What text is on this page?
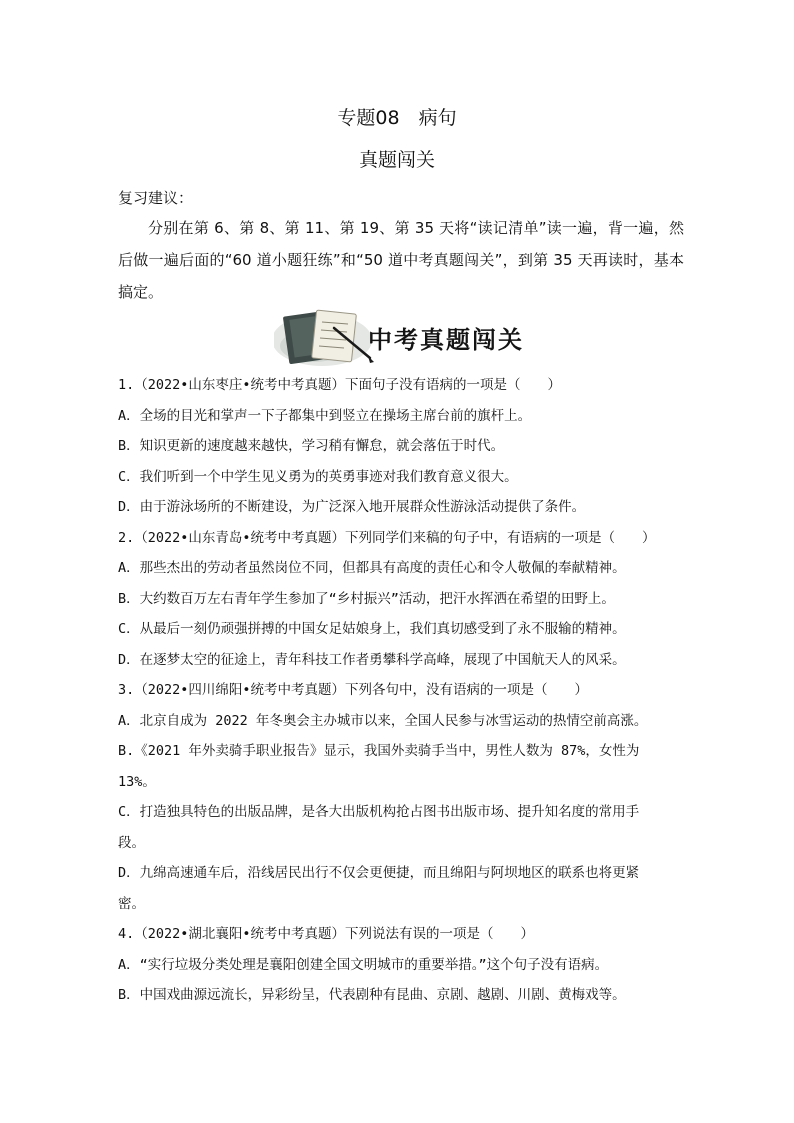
专题08　病句
真题闯关
复习建议：
分别在第 6、第 8、第 11、第 19、第 35 天将“读记清单”读一遍，背一遍，然后做一遍后面的“60 道小题狂练”和“50 道中考真题闯关”，到第 35 天再读时，基本搞定。
中考真题闯关

1.（2022•山东枣庄•统考中考真题）下面句子没有语病的一项是（　　）

A．全场的目光和掌声一下子都集中到竖立在操场主席台前的旗杆上。

B．知识更新的速度越来越快，学习稍有懈怠，就会落伍于时代。

C．我们听到一个中学生见义勇为的英勇事迹对我们教育意义很大。

D．由于游泳场所的不断建设，为广泛深入地开展群众性游泳活动提供了条件。

2.（2022•山东青岛•统考中考真题）下列同学们来稿的句子中，有语病的一项是（　　）

A．那些杰出的劳动者虽然岗位不同，但都具有高度的责任心和令人敬佩的奉献精神。

B．大约数百万左右青年学生参加了“乡村振兴”活动，把汗水挥洒在希望的田野上。

C．从最后一刻仍顽强拼搏的中国女足姑娘身上，我们真切感受到了永不服输的精神。

D．在逐梦太空的征途上，青年科技工作者勇攀科学高峰，展现了中国航天人的风采。

3.（2022•四川绵阳•统考中考真题）下列各句中，没有语病的一项是（　　）

A．北京自成为 2022 年冬奥会主办城市以来，全国人民参与冰雪运动的热情空前高涨。

B.《2021 年外卖骑手职业报告》显示，我国外卖骑手当中，男性人数为 87%，女性为 13%。

C．打造独具特色的出版品牌，是各大出版机构抢占图书出版市场、提升知名度的常用手段。

D．九绵高速通车后，沿线居民出行不仅会更便捷，而且绵阳与阿坝地区的联系也将更紧密。

4.（2022•湖北襄阳•统考中考真题）下列说法有误的一项是（　　）

A．“实行垃圾分类处理是襄阳创建全国文明城市的重要举措。”这个句子没有语病。

B．中国戏曲源远流长，异彩纷呈，代表剧种有昆曲、京剧、越剧、川剧、黄梅戏等。
